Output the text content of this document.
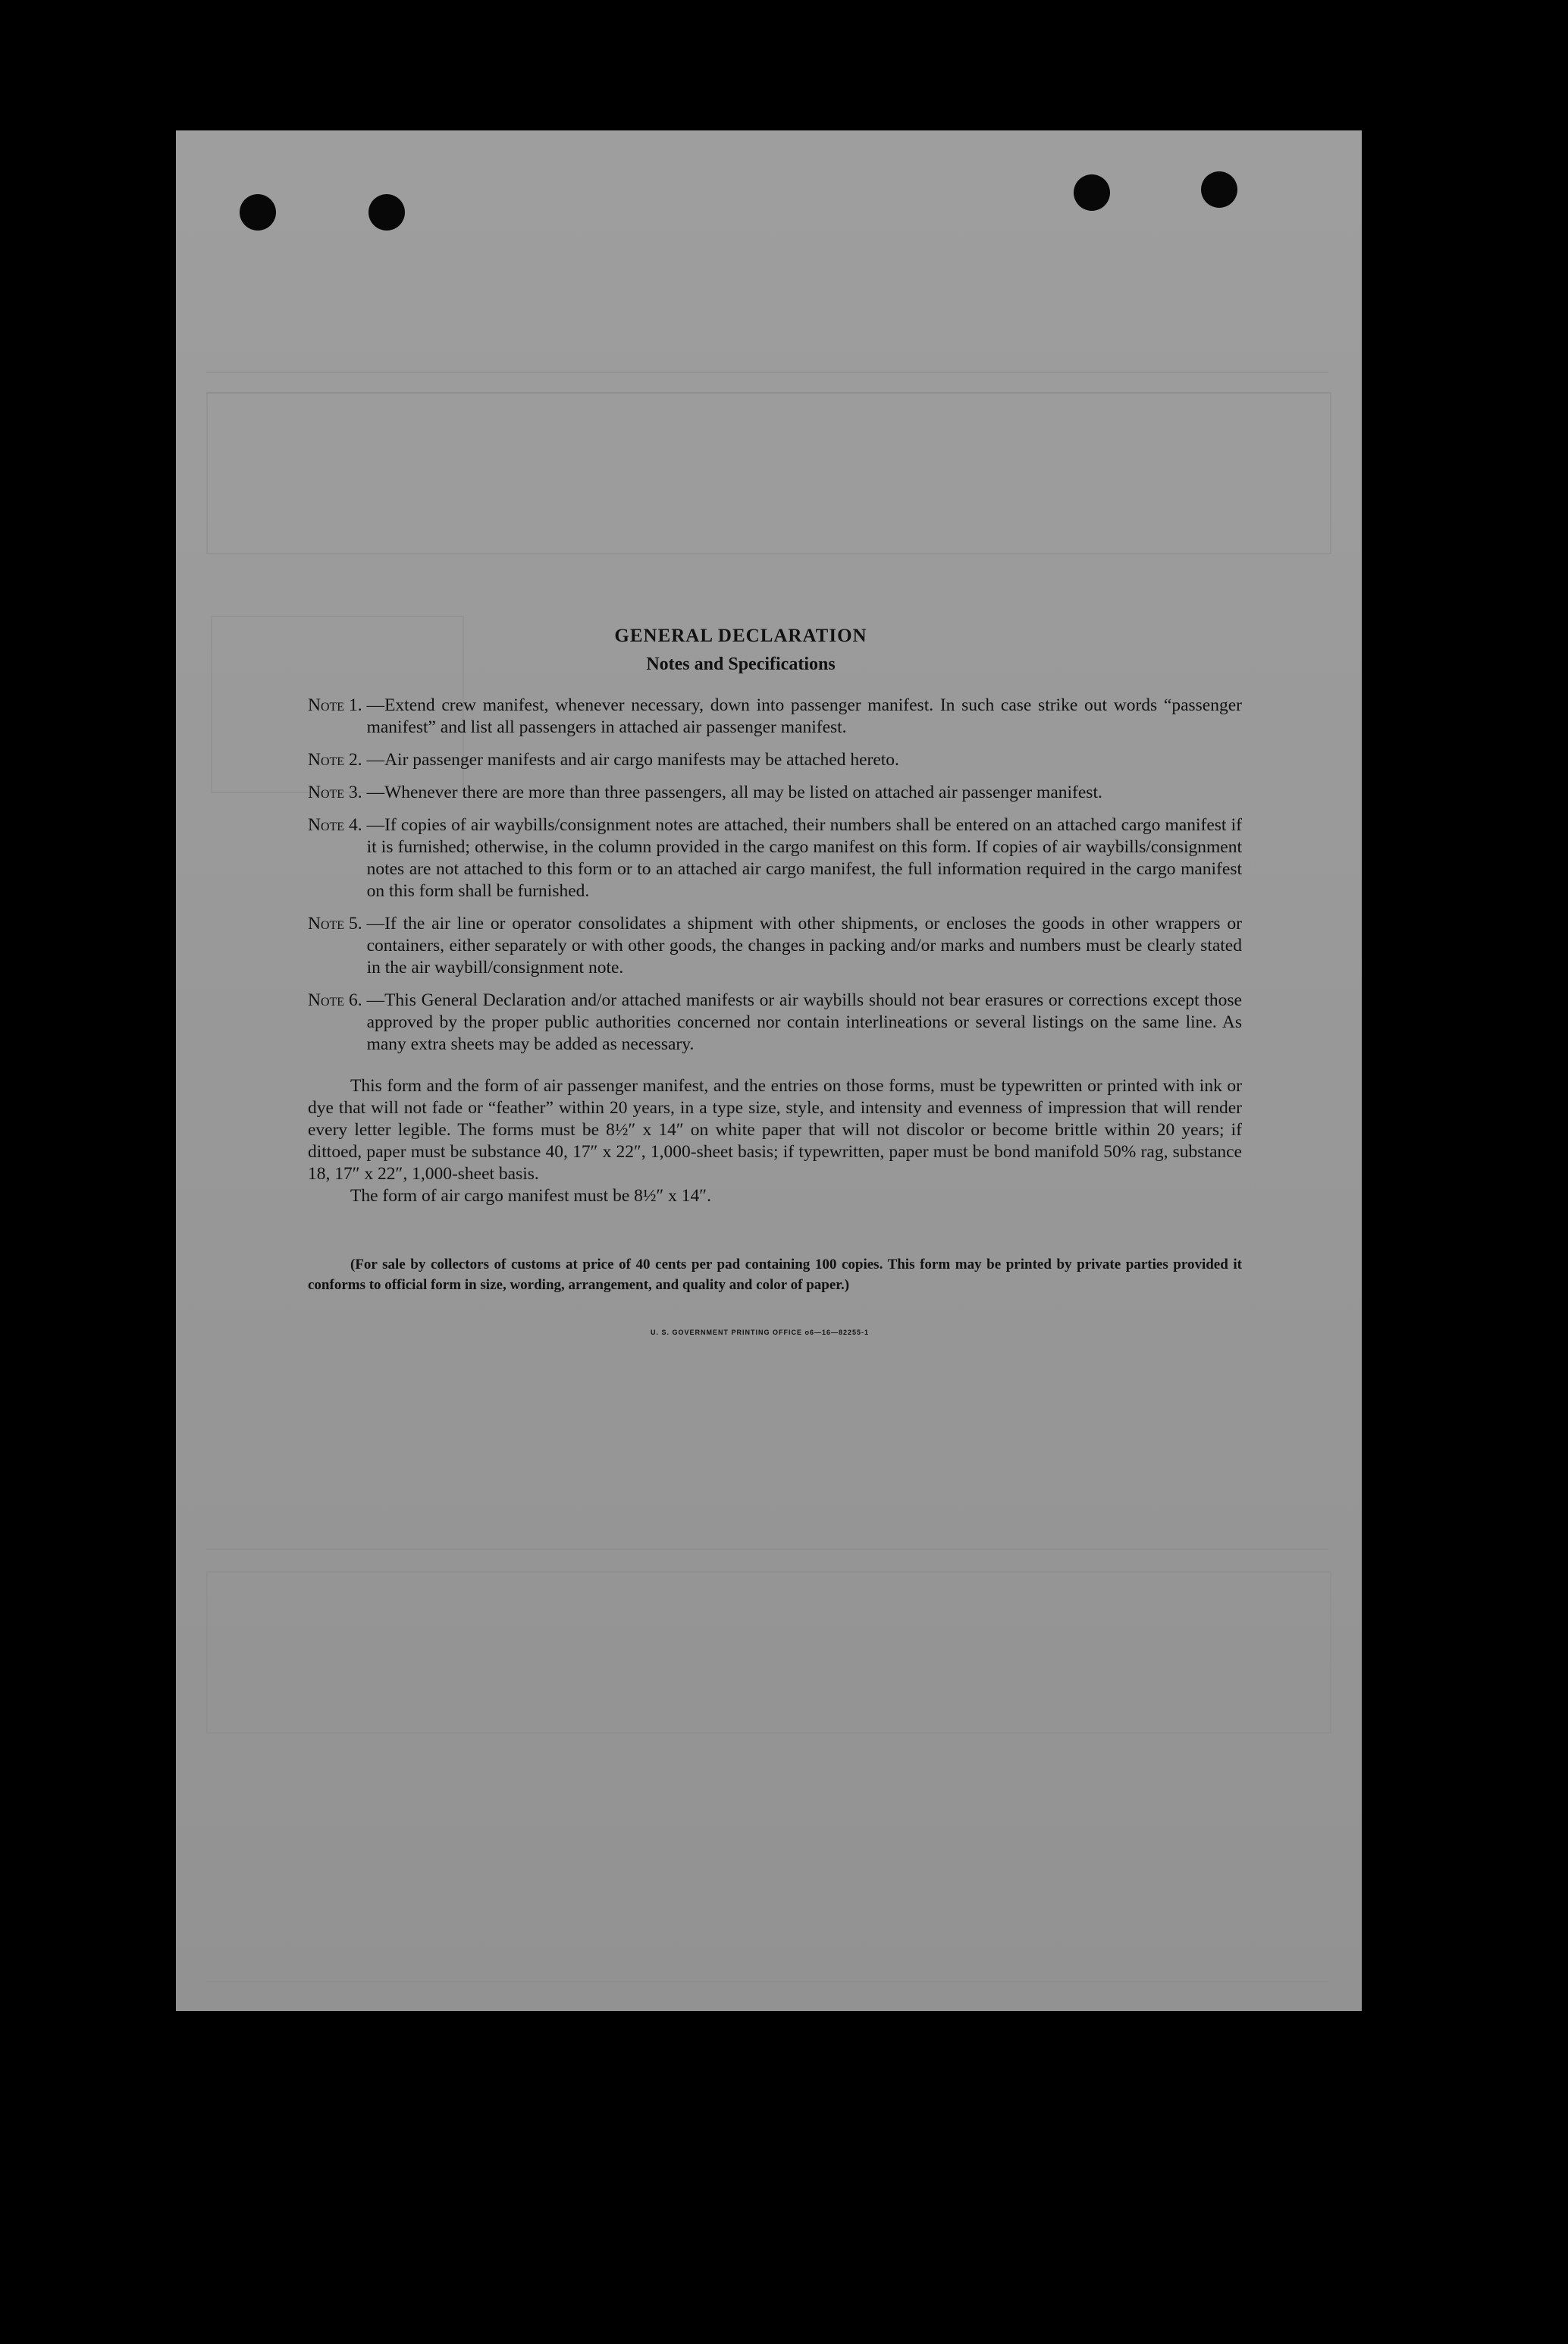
GENERAL DECLARATION
Notes and Specifications
Note 1. —Extend crew manifest, whenever necessary, down into passenger manifest. In such case strike out words “passenger manifest” and list all passengers in attached air passenger manifest.
Note 2. —Air passenger manifests and air cargo manifests may be attached hereto.
Note 3. —Whenever there are more than three passengers, all may be listed on attached air passenger manifest.
Note 4. —If copies of air waybills/consignment notes are attached, their numbers shall be entered on an attached cargo manifest if it is furnished; otherwise, in the column provided in the cargo manifest on this form. If copies of air waybills/consignment notes are not attached to this form or to an attached air cargo manifest, the full information required in the cargo manifest on this form shall be furnished.
Note 5. —If the air line or operator consolidates a shipment with other shipments, or encloses the goods in other wrappers or containers, either separately or with other goods, the changes in packing and/or marks and numbers must be clearly stated in the air waybill/consignment note.
Note 6. —This General Declaration and/or attached manifests or air waybills should not bear erasures or corrections except those approved by the proper public authorities concerned nor contain interlineations or several listings on the same line. As many extra sheets may be added as necessary.
This form and the form of air passenger manifest, and the entries on those forms, must be typewritten or printed with ink or dye that will not fade or “feather” within 20 years, in a type size, style, and intensity and evenness of impression that will render every letter legible. The forms must be 8½″ x 14″ on white paper that will not discolor or become brittle within 20 years; if dittoed, paper must be substance 40, 17″ x 22″, 1,000-sheet basis; if typewritten, paper must be bond manifold 50% rag, substance 18, 17″ x 22″, 1,000-sheet basis.
The form of air cargo manifest must be 8½″ x 14″.
(For sale by collectors of customs at price of 40 cents per pad containing 100 copies. This form may be printed by private parties provided it conforms to official form in size, wording, arrangement, and quality and color of paper.)
U. S. GOVERNMENT PRINTING OFFICE o6—16—82255-1
